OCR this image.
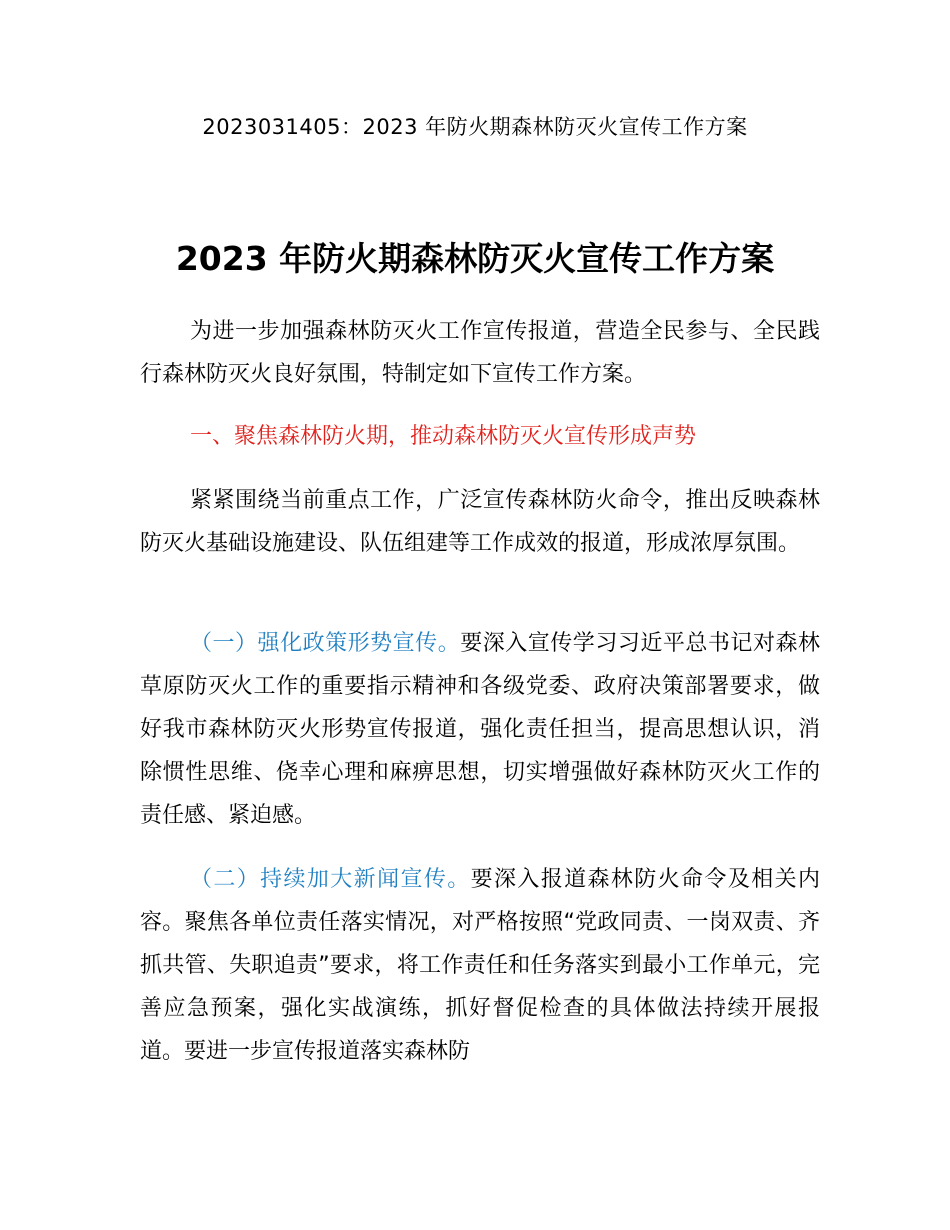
2023031405：2023 年防火期森林防灭火宣传工作方案
2023 年防火期森林防灭火宣传工作方案
为进一步加强森林防灭火工作宣传报道，营造全民参与、全民践行森林防灭火良好氛围，特制定如下宣传工作方案。
一、聚焦森林防火期，推动森林防灭火宣传形成声势
紧紧围绕当前重点工作，广泛宣传森林防火命令，推出反映森林防灭火基础设施建设、队伍组建等工作成效的报道，形成浓厚氛围。
（一）强化政策形势宣传。要深入宣传学习习近平总书记对森林草原防灭火工作的重要指示精神和各级党委、政府决策部署要求，做好我市森林防灭火形势宣传报道，强化责任担当，提高思想认识，消除惯性思维、侥幸心理和麻痹思想，切实增强做好森林防灭火工作的责任感、紧迫感。
（二）持续加大新闻宣传。要深入报道森林防火命令及相关内容。聚焦各单位责任落实情况，对严格按照“党政同责、一岗双责、齐抓共管、失职追责”要求，将工作责任和任务落实到最小工作单元，完善应急预案，强化实战演练，抓好督促检查的具体做法持续开展报道。要进一步宣传报道落实森林防
